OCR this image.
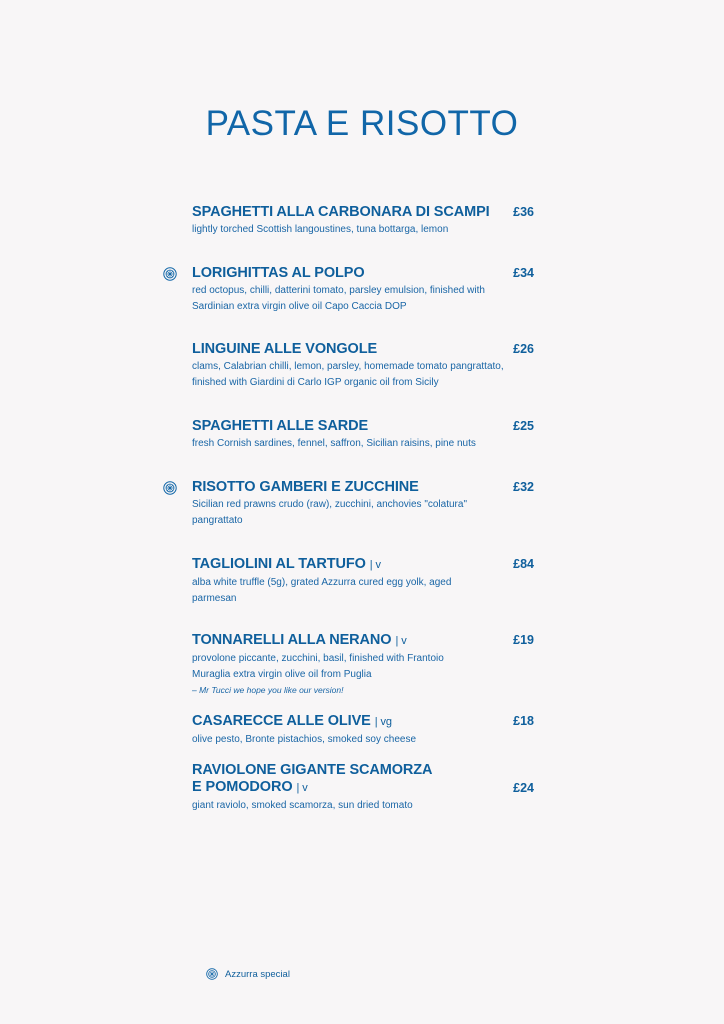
PASTA E RISOTTO
SPAGHETTI ALLA CARBONARA DI SCAMPI £36
lightly torched Scottish langoustines, tuna bottarga, lemon
LORIGHITTAS AL POLPO	£34
red octopus, chilli, datterini tomato, parsley emulsion, finished with Sardinian extra virgin olive oil Capo Caccia DOP
LINGUINE ALLE VONGOLE	£26
clams, Calabrian chilli, lemon, parsley, homemade tomato pangrattato, finished with Giardini di Carlo IGP organic oil from Sicily
SPAGHETTI ALLE SARDE	£25
fresh Cornish sardines, fennel, saffron, Sicilian raisins, pine nuts
RISOTTO GAMBERI E ZUCCHINE	£32
Sicilian red prawns crudo (raw), zucchini, anchovies "colatura" pangrattato
TAGLIOLINI AL TARTUFO | v	£84
alba white truffle (5g), grated Azzurra cured egg yolk, aged parmesan
TONNARELLI ALLA NERANO | v	£19
provolone piccante, zucchini, basil, finished with Frantoio Muraglia extra virgin olive oil from Puglia
– Mr Tucci we hope you like our version!
CASARECCE ALLE OLIVE | vg	£18
olive pesto, Bronte pistachios, smoked soy cheese
RAVIOLONE GIGANTE SCAMORZA
E POMODORO | v	£24
giant raviolo, smoked scamorza, sun dried tomato
Azzurra special
